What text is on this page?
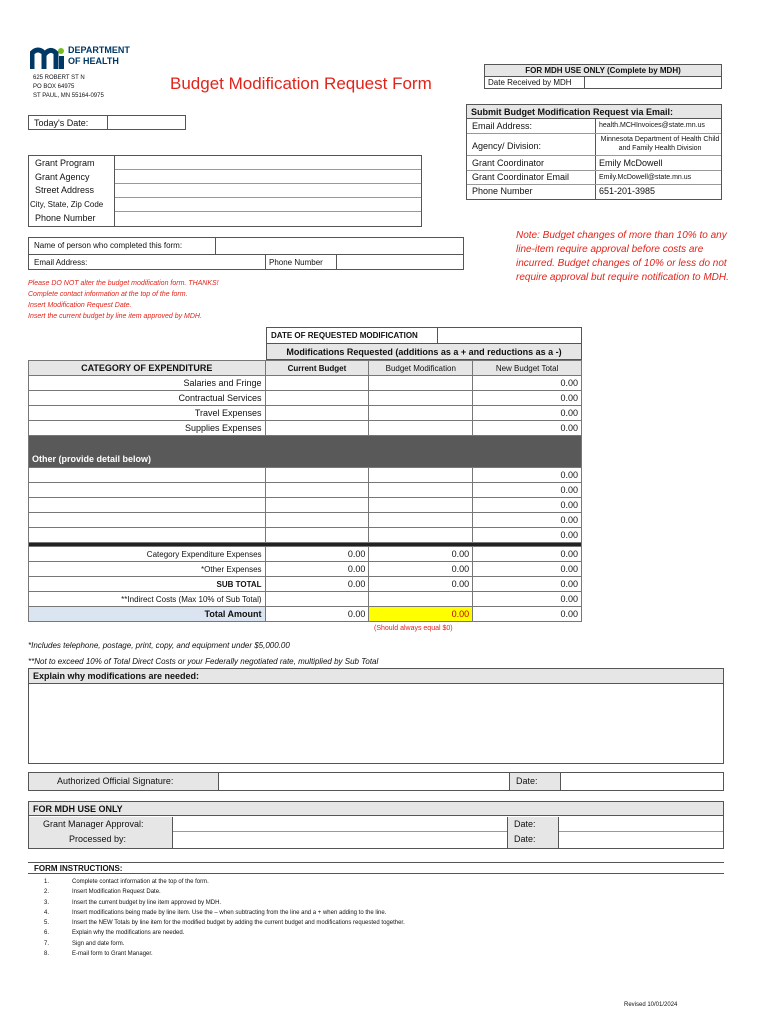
DEPARTMENT
OF HEALTH
625 ROBERT ST N
PO BOX 64975
ST PAUL, MN 55164-0975
Budget Modification Request Form
FOR MDH USE ONLY (Complete by MDH)
Date Received by MDH
Today's Date:
Grant Program
Grant Agency
Street Address
City, State, Zip Code
Phone Number
Submit Budget Modification Request via Email:
Email Address:	health.MCHInvoices@state.mn.us
Agency/ Division:
Minnesota Department of Health Child and Family Health Division
Grant Coordinator	Emily McDowell
Grant Coordinator Email	Emily.McDowell@state.mn.us
Phone Number	651-201-3985
Name of person who completed this form:
Email Address:	Phone Number
Note: Budget changes of more than 10% to any line-item require approval before costs are incurred. Budget changes of 10% or less do not require approval but require notification to MDH.
Please DO NOT alter the budget modification form. THANKS!
Complete contact information at the top of the form.
Insert Modification Request Date.
Insert the current budget by line item approved by MDH.
DATE OF REQUESTED MODIFICATION
Modifications Requested (additions as a + and reductions as a -)
CATEGORY OF EXPENDITURE	Current Budget	Budget Modification	New Budget Total
Salaries and Fringe			0.00
Contractual Services			0.00
Travel Expenses			0.00
Supplies Expenses			0.00
Other (provide detail below)			
			0.00
			0.00
			0.00
			0.00
			0.00

Category Expenditure Expenses	0.00	0.00	0.00
*Other Expenses	0.00	0.00	0.00
SUB TOTAL	0.00	0.00	0.00
**Indirect Costs (Max 10% of Sub Total)			0.00
Total Amount	0.00	0.00	0.00
(Should always equal $0)
*Includes telephone, postage, print, copy, and equipment under $5,000.00
**Not to exceed 10% of Total Direct Costs or your Federally negotiated rate, multiplied by Sub Total
Explain why modifications are needed:
Authorized Official Signature:	Date:
FOR MDH USE ONLY
Grant Manager Approval:
Processed by:
Date:
Date:
FORM INSTRUCTIONS:
1.	Complete contact information at the top of the form.
2.	Insert Modification Request Date.
3.	Insert the current budget by line item approved by MDH.
4.	Insert modifications being made by line item. Use the – when subtracting from the line and a + when adding to the line.
5.	Insert the NEW Totals by line item for the modified budget by adding the current budget and modifications requested together.
6.	Explain why the modifications are needed.
7.	Sign and date form.
8.	E-mail form to Grant Manager.
Revised 10/01/2024
